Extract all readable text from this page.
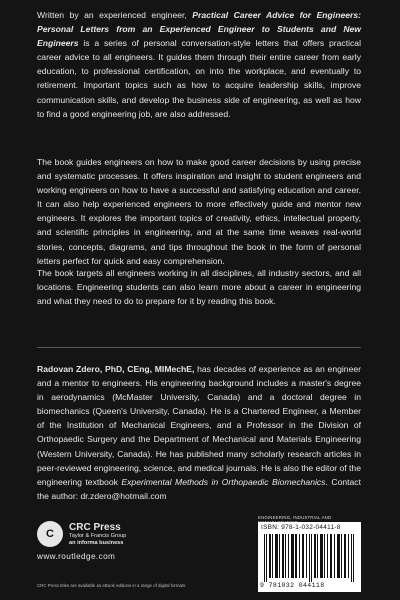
Written by an experienced engineer, Practical Career Advice for Engineers: Personal Letters from an Experienced Engineer to Students and New Engineers is a series of personal conversation-style letters that offers practical career advice to all engineers. It guides them through their entire career from early education, to professional certification, on into the workplace, and eventually to retirement. Important topics such as how to acquire leadership skills, improve communication skills, and develop the business side of engineering, as well as how to find a good engineering job, are also addressed.

The book guides engineers on how to make good career decisions by using precise and systematic processes. It offers inspiration and insight to student engineers and working engineers on how to have a successful and satisfying education and career. It can also help experienced engineers to more effectively guide and mentor new engineers. It explores the important topics of creativity, ethics, intellectual property, and scientific principles in engineering, and at the same time weaves real-world stories, concepts, diagrams, and tips throughout the book in the form of personal letters perfect for quick and easy comprehension.

The book targets all engineers working in all disciplines, all industry sectors, and all locations. Engineering students can also learn more about a career in engineering and what they need to do to prepare for it by reading this book.

Radovan Zdero, PhD, CEng, MIMechE, has decades of experience as an engineer and a mentor to engineers. His engineering background includes a master's degree in aerodynamics (McMaster University, Canada) and a doctoral degree in biomechanics (Queen's University, Canada). He is a Chartered Engineer, a Member of the Institution of Mechanical Engineers, and a Professor in the Division of Orthopaedic Surgery and the Department of Mechanical and Materials Engineering (Western University, Canada). He has published many scholarly research articles in peer-reviewed engineering, science, and medical journals. He is also the editor of the engineering textbook Experimental Methods in Orthopaedic Biomechanics. Contact the author: dr.zdero@hotmail.com

C
CRC Press
Taylor & Francis Group
an informa business
www.routledge.com
CRC Press titles are available as eBook editions in a range of digital formats
ENGINEERING, INDUSTRIAL AND
ISBN: 978-1-032-04411-8
9 781032 044118
